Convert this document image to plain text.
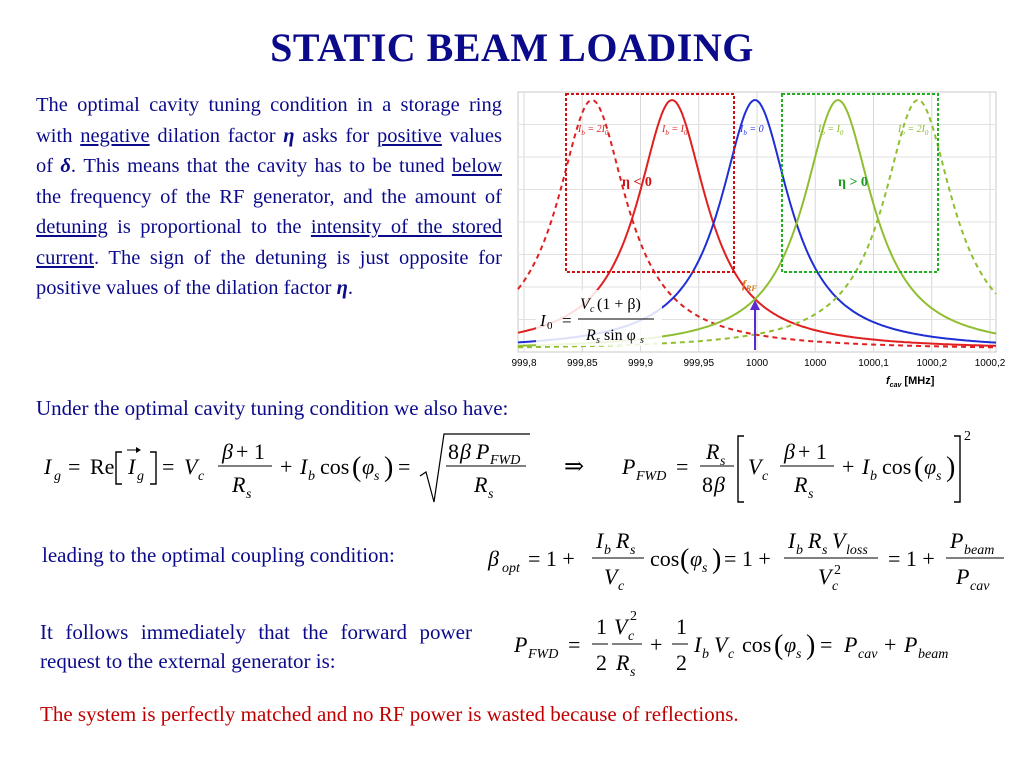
STATIC BEAM LOADING
The optimal cavity tuning condition in a storage ring with negative dilation factor η asks for positive values of δ. This means that the cavity has to be tuned below the frequency of the RF generator, and the amount of detuning is proportional to the intensity of the stored current. The sign of the detuning is just opposite for positive values of the dilation factor η.
$I_b = 2I_0$	$I_b = I_0$	$I_b = 0$	$I_b = I_0$	$I_b = 2I_0$
η < 0	η > 0
$f_{RF}$
I 0 =
V c (1 + β)
R s sin φ s
999,8	999,85	999,9	999,95	1000	1000	1000,1	1000,2	1000,2
$f_{cav}$ [MHz]
Under the optimal cavity tuning condition we also have:
I g = Re I g = V c
β + 1
R s
+ I b cos ( φ s ) =
8 β P FWD
R s
⇒ P FWD =
R s
8 β
V c
β + 1
R s
+ I b cos ( φ s )
2
leading to the optimal coupling condition:	β opt = 1 +
I b R s
V c
cos ( φ s ) = 1 +
I b R s V loss
V c
2 = 1 +
P beam
P cav
It follows immediately that the forward power request to the external generator is:
P FWD =
1
2
V c
2
R s
+
1
2
I b V c cos ( φ s ) = P cav + P beam
The system is perfectly matched and no RF power is wasted because of reflections.
